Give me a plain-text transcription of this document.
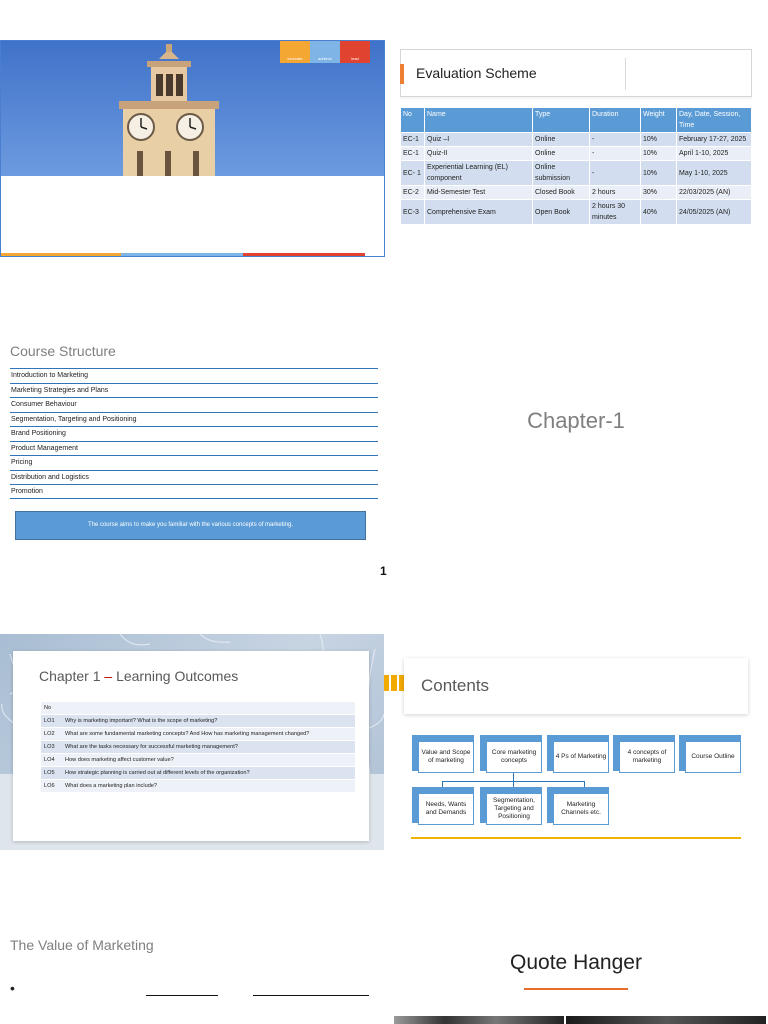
innovate	achieve	lead
Evaluation Scheme
No	Name	Type	Duration	Weight	Day, Date, Session, Time
EC-1	Quiz –I	Online	-	10%	February 17-27, 2025
EC-1	Quiz-II	Online	-	10%	April 1-10, 2025
EC- 1	Experiential Learning (EL) component	Online submission	-	10%	May 1-10, 2025
EC-2	Mid-Semester Test	Closed Book	2 hours	30%	22/03/2025 (AN)
EC-3	Comprehensive Exam	Open Book	2 hours 30 minutes	40%	24/05/2025 (AN)
Course Structure
Introduction to Marketing
Marketing Strategies and Plans
Consumer Behaviour
Segmentation, Targeting and Positioning
Brand Positioning
Product Management
Pricing
Distribution and Logistics
Promotion
The course aims to make you familiar with the various concepts of marketing.
Chapter-1
1
Chapter 1 – Learning Outcomes
No	
LO1	Why is marketing important? What is the scope of marketing?
LO2	What are some fundamental marketing concepts? And How has marketing management changed?
LO3	What are the tasks necessary for successful marketing management?
LO4	How does marketing affect customer value?
LO5	How strategic planning is carried out at different levels of the organization?
LO6	What does a marketing plan include?
Contents
Value and Scope of marketing
Core marketing concepts
4 Ps of Marketing
4 concepts of marketing
Course Outline
Needs, Wants and Demands
Segmentation, Targeting and Positioning
Marketing Channels etc.
The Value of Marketing
•
Quote Hanger
